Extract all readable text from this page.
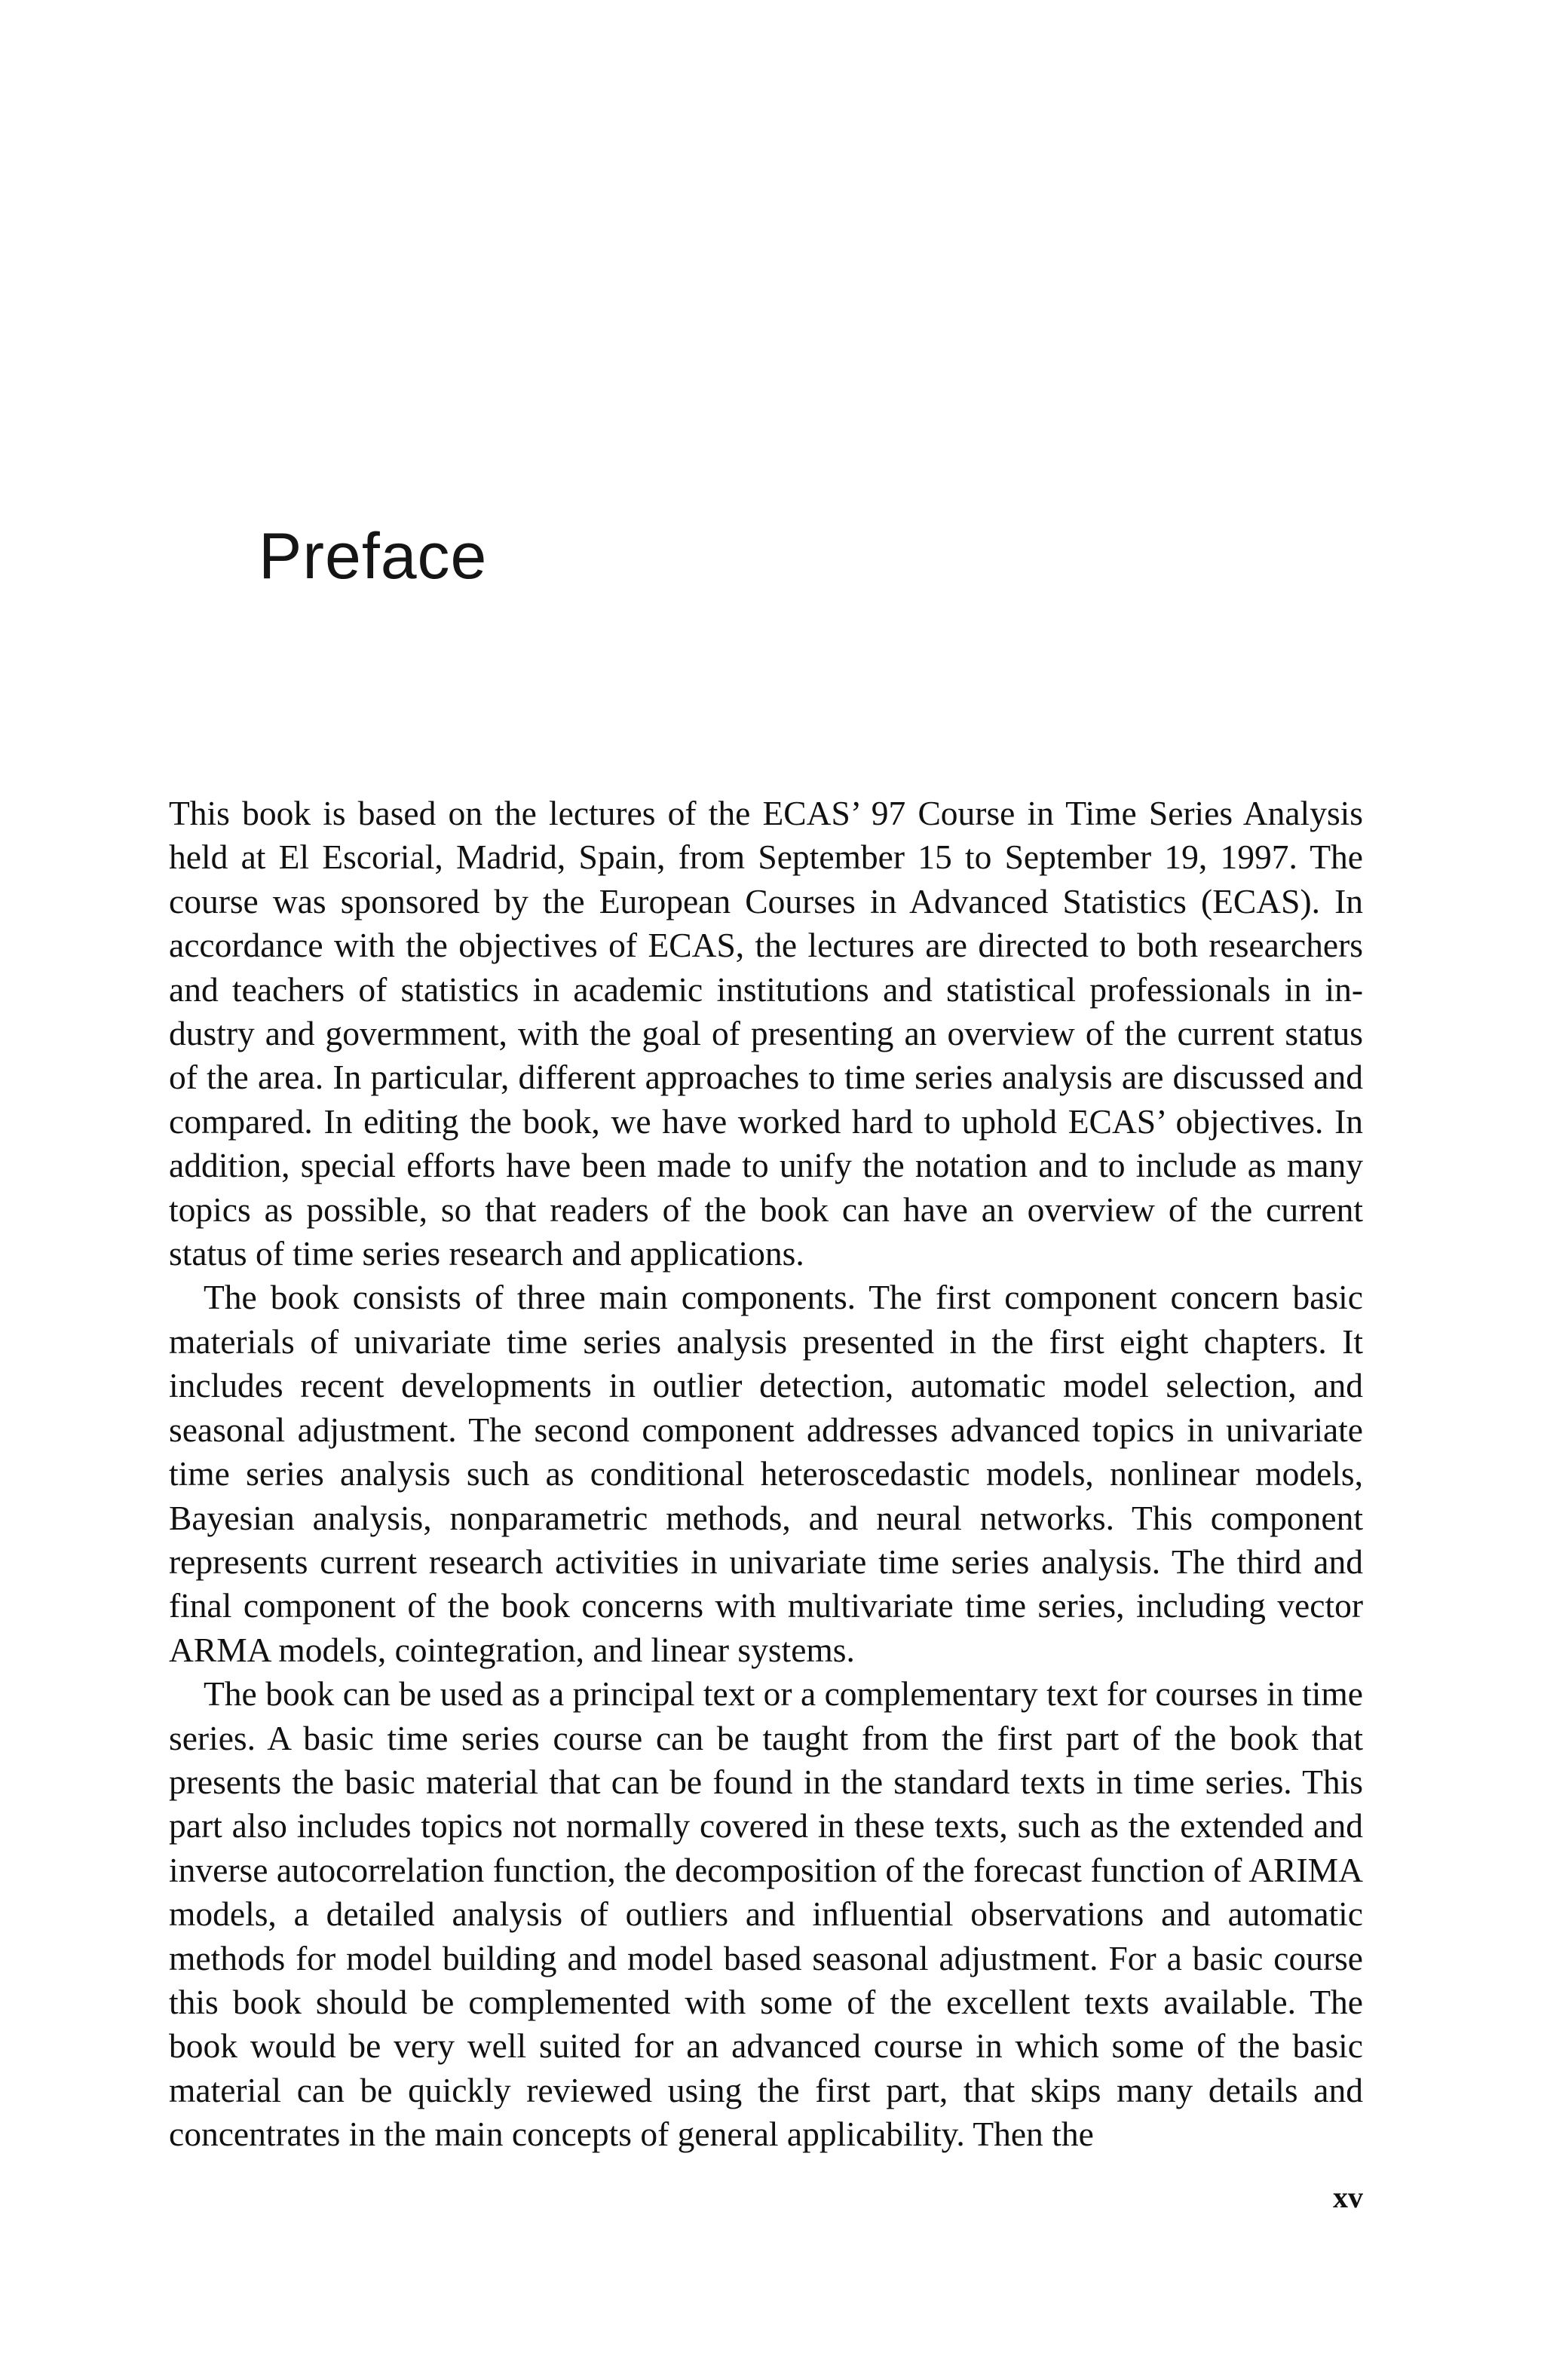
Preface

This book is based on the lectures of the ECAS’ 97 Course in Time Series Analysis held at El Escorial, Madrid, Spain, from September 15 to September 19, 1997. The course was sponsored by the European Courses in Advanced Statistics (ECAS). In accordance with the objectives of ECAS, the lectures are directed to both researchers and teachers of statistics in academic institutions and statistical professionals in industry and govermment, with the goal of presenting an overview of the current status of the area. In particular, different approaches to time series analysis are discussed and compared. In editing the book, we have worked hard to uphold ECAS’ objectives. In addition, special efforts have been made to unify the notation and to include as many topics as possible, so that readers of the book can have an overview of the current status of time series research and applications.

The book consists of three main components. The first component concern basic materials of univariate time series analysis presented in the first eight chapters. It includes recent developments in outlier detection, automatic model selection, and seasonal adjustment. The second component addresses advanced topics in univariate time series analysis such as conditional heteroscedastic models, nonlinear models, Bayesian analysis, nonparametric methods, and neural networks. This component represents current research activities in univariate time series analysis. The third and final component of the book concerns with multivariate time series, including vector ARMA models, cointegration, and linear systems.

The book can be used as a principal text or a complementary text for courses in time series. A basic time series course can be taught from the first part of the book that presents the basic material that can be found in the standard texts in time series. This part also includes topics not normally covered in these texts, such as the extended and inverse autocorrelation function, the decomposition of the forecast function of ARIMA models, a detailed analysis of outliers and influential observations and automatic methods for model building and model based seasonal adjustment. For a basic course this book should be complemented with some of the excellent texts available. The book would be very well suited for an advanced course in which some of the basic material can be quickly reviewed using the first part, that skips many details and concentrates in the main concepts of general applicability. Then the

xv
